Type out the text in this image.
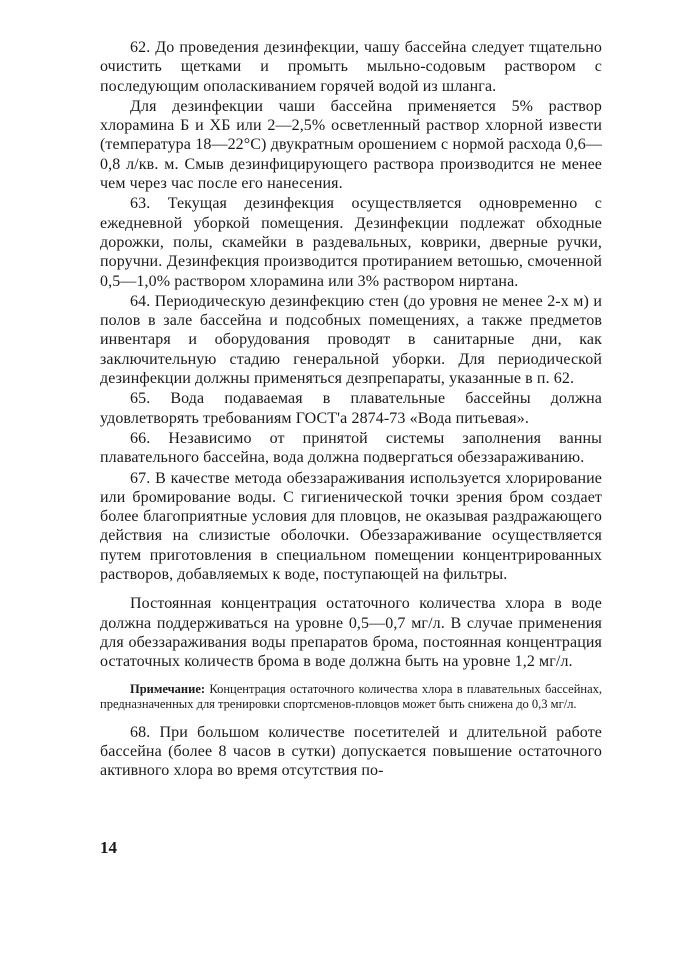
62. До проведения дезинфекции, чашу бассейна следует тщательно очистить щетками и промыть мыльно-содовым раствором с последующим ополаскиванием горячей водой из шланга.

Для дезинфекции чаши бассейна применяется 5% раствор хлорамина Б и ХБ или 2—2,5% осветленный раствор хлорной извести (температура 18—22°С) двукратным орошением с нормой расхода 0,6—0,8 л/кв. м. Смыв дезинфицирующего раствора производится не менее чем через час после его нанесения.

63. Текущая дезинфекция осуществляется одновременно с ежедневной уборкой помещения. Дезинфекции подлежат обходные дорожки, полы, скамейки в раздевальных, коврики, дверные ручки, поручни. Дезинфекция производится протиранием ветошью, смоченной 0,5—1,0% раствором хлорамина или 3% раствором ниртана.

64. Периодическую дезинфекцию стен (до уровня не менее 2-х м) и полов в зале бассейна и подсобных помещениях, а также предметов инвентаря и оборудования проводят в санитарные дни, как заключительную стадию генеральной уборки. Для периодической дезинфекции должны применяться дезпрепараты, указанные в п. 62.

65. Вода подаваемая в плавательные бассейны должна удовлетворять требованиям ГОСТ'а 2874-73 «Вода питьевая».

66. Независимо от принятой системы заполнения ванны плавательного бассейна, вода должна подвергаться обеззараживанию.

67. В качестве метода обеззараживания используется хлорирование или бромирование воды. С гигиенической точки зрения бром создает более благоприятные условия для пловцов, не оказывая раздражающего действия на слизистые оболочки. Обеззараживание осуществляется путем приготовления в специальном помещении концентрированных растворов, добавляемых к воде, поступающей на фильтры.

Постоянная концентрация остаточного количества хлора в воде должна поддерживаться на уровне 0,5—0,7 мг/л. В случае применения для обеззараживания воды препаратов брома, постоянная концентрация остаточных количеств брома в воде должна быть на уровне 1,2 мг/л.

Примечание: Концентрация остаточного количества хлора в плавательных бассейнах, предназначенных для тренировки спортсменов-пловцов может быть снижена до 0,3 мг/л.

68. При большом количестве посетителей и длительной работе бассейна (более 8 часов в сутки) допускается повышение остаточного активного хлора во время отсутствия по-

14
